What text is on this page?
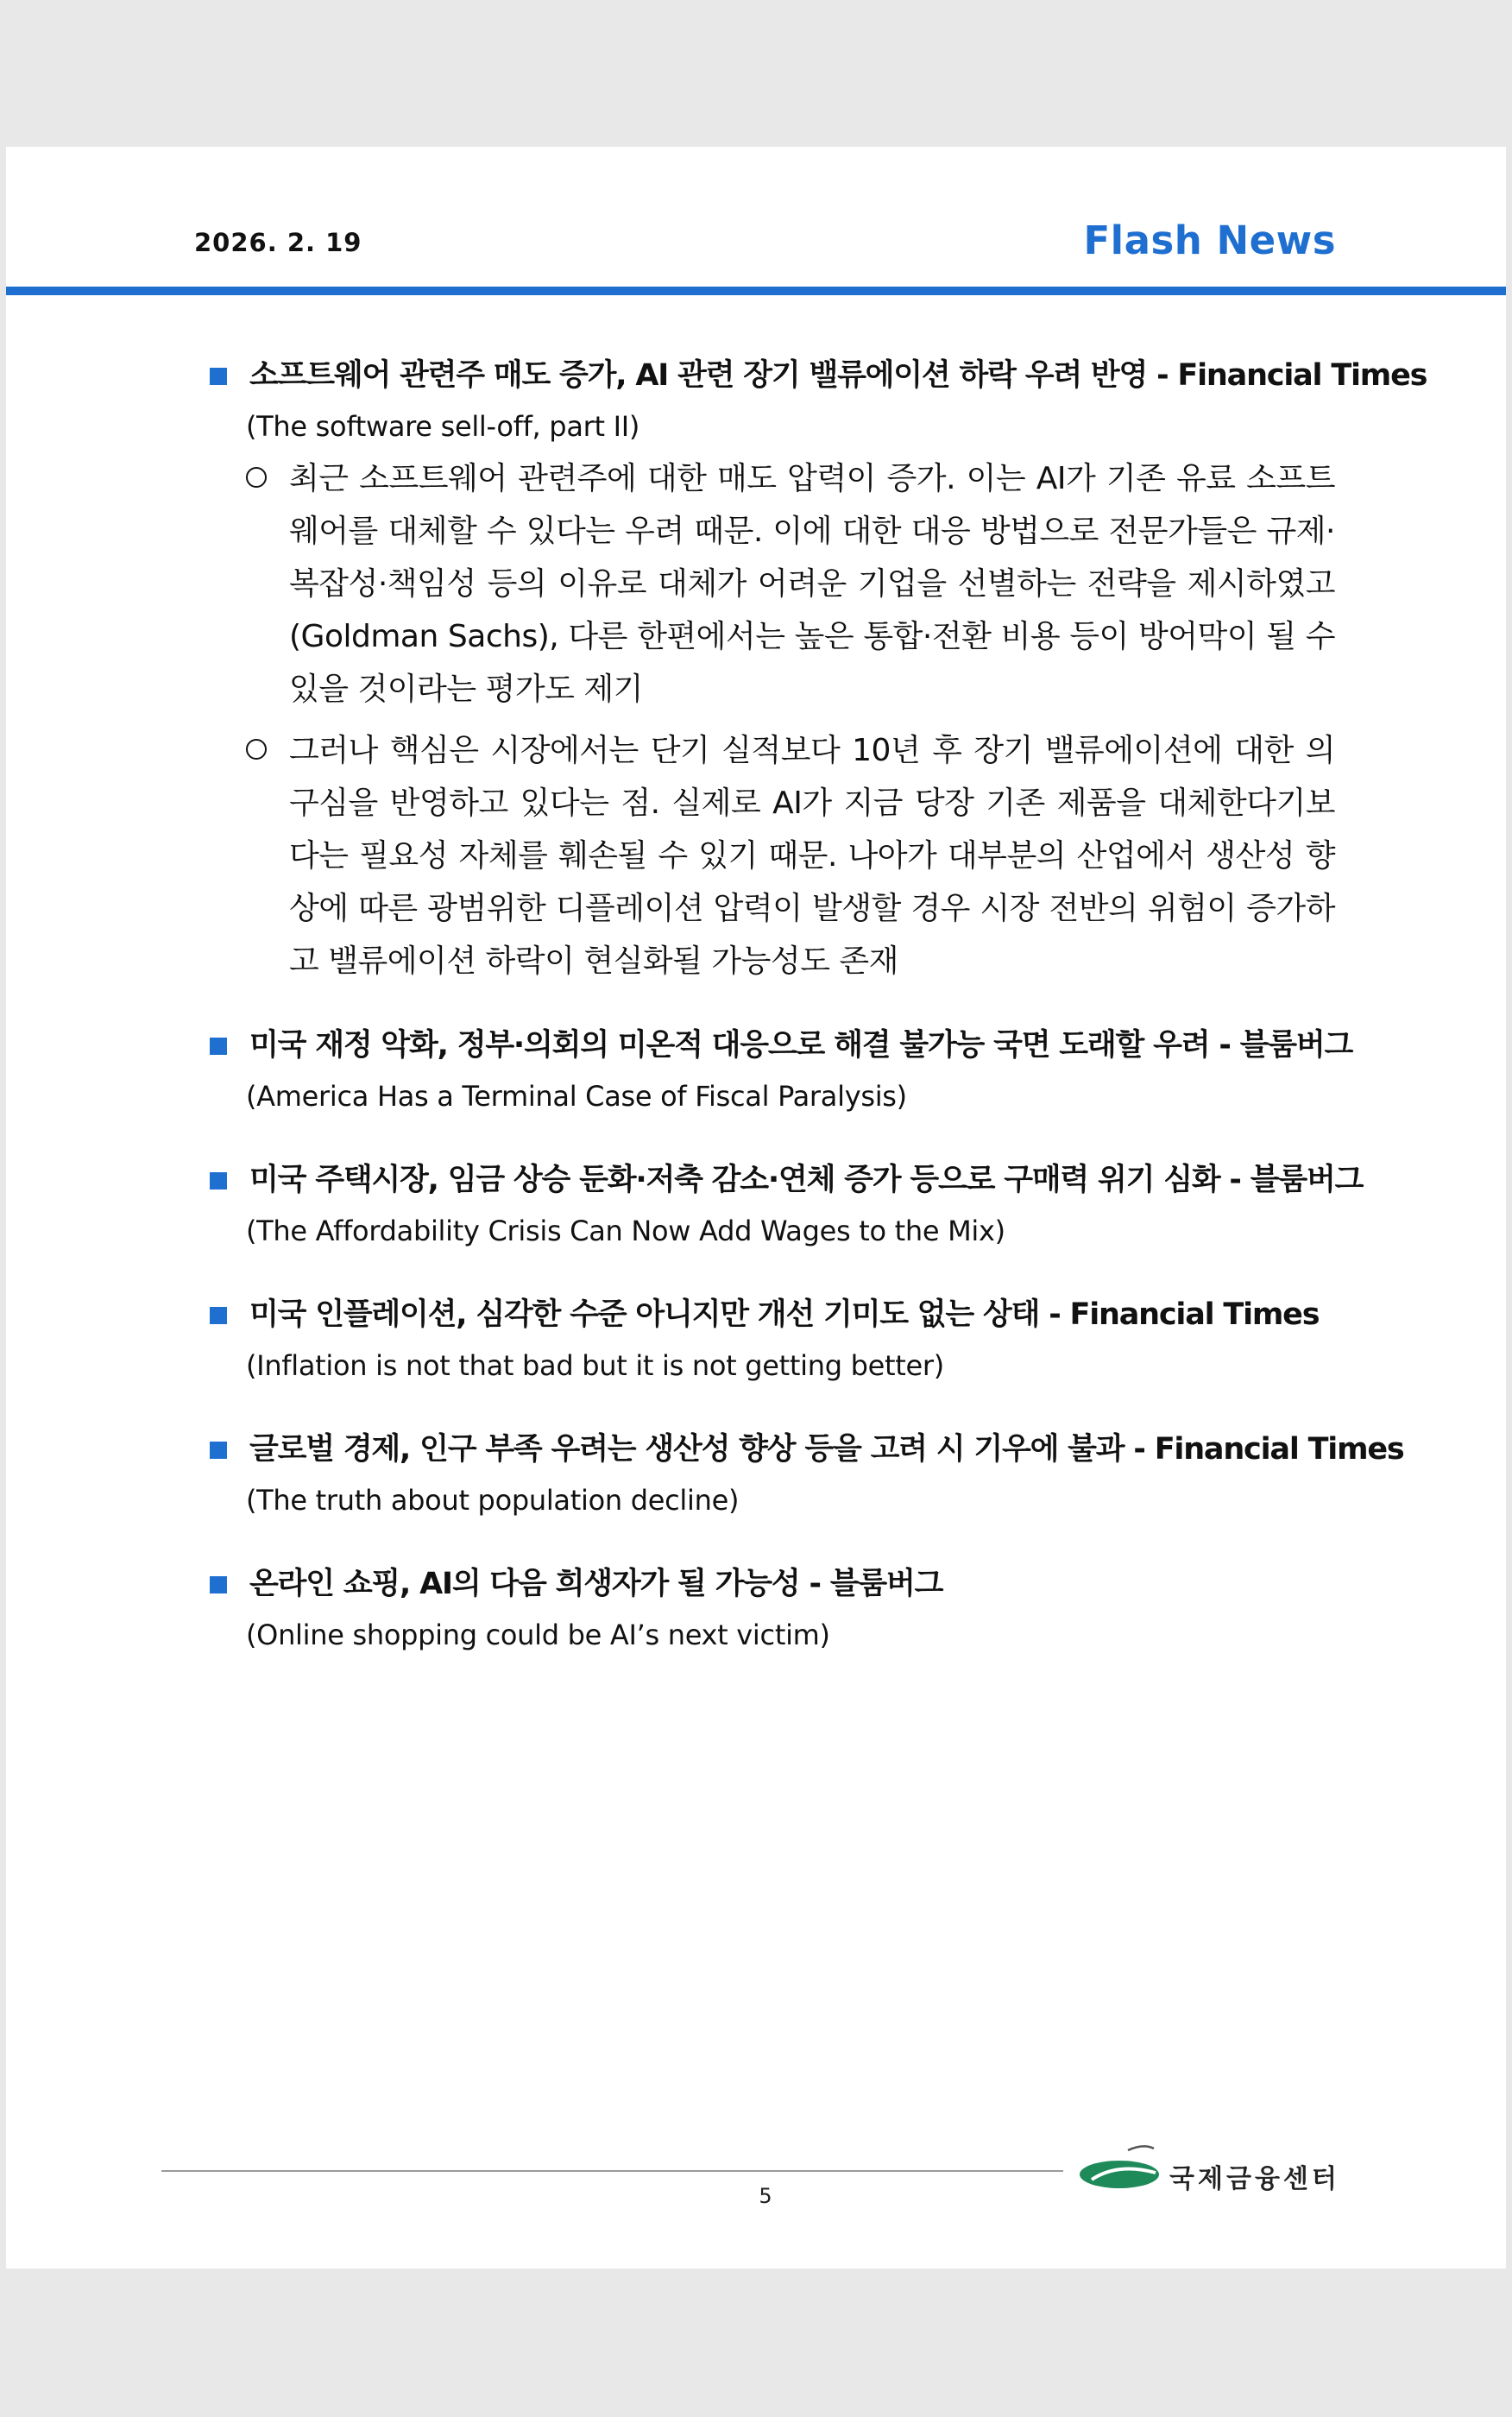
2026. 2. 19	Flash News
소프트웨어 관련주 매도 증가, AI 관련 장기 밸류에이션 하락 우려 반영 - Financial Times
(The software sell-off, part II)
최근 소프트웨어 관련주에 대한 매도 압력이 증가. 이는 AI가 기존 유료 소프트웨어를 대체할 수 있다는 우려 때문. 이에 대한 대응 방법으로 전문가들은 규제·복잡성·책임성 등의 이유로 대체가 어려운 기업을 선별하는 전략을 제시하였고(Goldman Sachs), 다른 한편에서는 높은 통합·전환 비용 등이 방어막이 될 수 있을 것이라는 평가도 제기
그러나 핵심은 시장에서는 단기 실적보다 10년 후 장기 밸류에이션에 대한 의구심을 반영하고 있다는 점. 실제로 AI가 지금 당장 기존 제품을 대체한다기보다는 필요성 자체를 훼손될 수 있기 때문. 나아가 대부분의 산업에서 생산성 향상에 따른 광범위한 디플레이션 압력이 발생할 경우 시장 전반의 위험이 증가하고 밸류에이션 하락이 현실화될 가능성도 존재
미국 재정 악화, 정부·의회의 미온적 대응으로 해결 불가능 국면 도래할 우려 - 블룸버그
(America Has a Terminal Case of Fiscal Paralysis)
미국 주택시장, 임금 상승 둔화·저축 감소·연체 증가 등으로 구매력 위기 심화 - 블룸버그
(The Affordability Crisis Can Now Add Wages to the Mix)
미국 인플레이션, 심각한 수준 아니지만 개선 기미도 없는 상태 - Financial Times
(Inflation is not that bad but it is not getting better)
글로벌 경제, 인구 부족 우려는 생산성 향상 등을 고려 시 기우에 불과 - Financial Times
(The truth about population decline)
온라인 쇼핑, AI의 다음 희생자가 될 가능성 - 블룸버그
(Online shopping could be AI’s next victim)
5
국제금융센터
